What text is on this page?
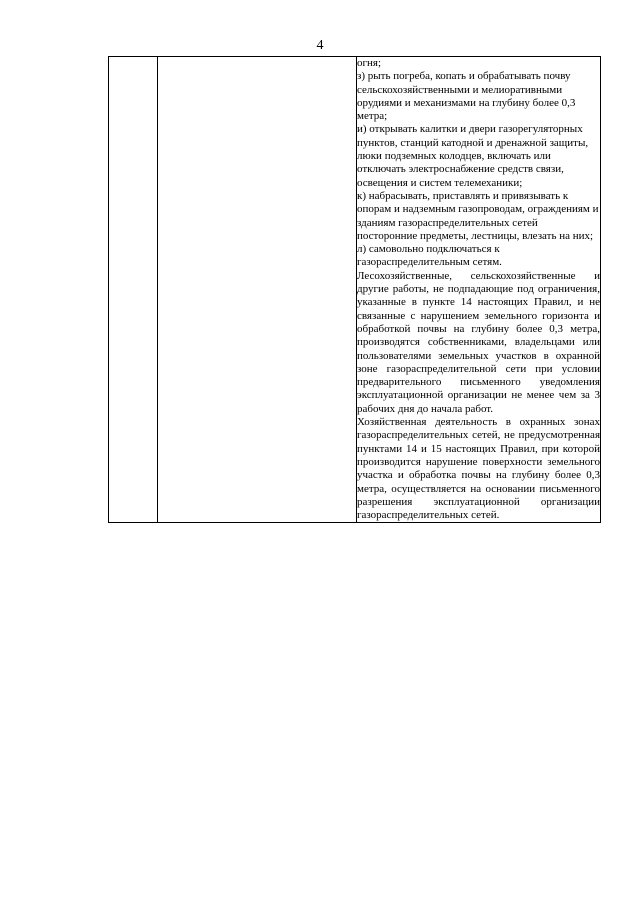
4

огня;

з) рыть погреба, копать и обрабатывать почву сельскохозяйственными и мелиоративными орудиями и механизмами на глубину более 0,3 метра;

и) открывать калитки и двери газорегуляторных пунктов, станций катодной и дренажной защиты, люки подземных колодцев, включать или отключать электроснабжение средств связи, освещения и систем телемеханики;

к) набрасывать, приставлять и привязывать к опорам и надземным газопроводам, ограждениям и зданиям газораспределительных сетей посторонние предметы, лестницы, влезать на них;

л) самовольно подключаться к газораспределительным сетям.

Лесохозяйственные, сельскохозяйственные и другие работы, не подпадающие под ограничения, указанные в пункте 14 настоящих Правил, и не связанные с нарушением земельного горизонта и обработкой почвы на глубину более 0,3 метра, производятся собственниками, владельцами или пользователями земельных участков в охранной зоне газораспределительной сети при условии предварительного письменного уведомления эксплуатационной организации не менее чем за 3 рабочих дня до начала работ.

Хозяйственная деятельность в охранных зонах газораспределительных сетей, не предусмотренная пунктами 14 и 15 настоящих Правил, при которой производится нарушение поверхности земельного участка и обработка почвы на глубину более 0,3 метра, осуществляется на основании письменного разрешения эксплуатационной организации газораспределительных сетей.
